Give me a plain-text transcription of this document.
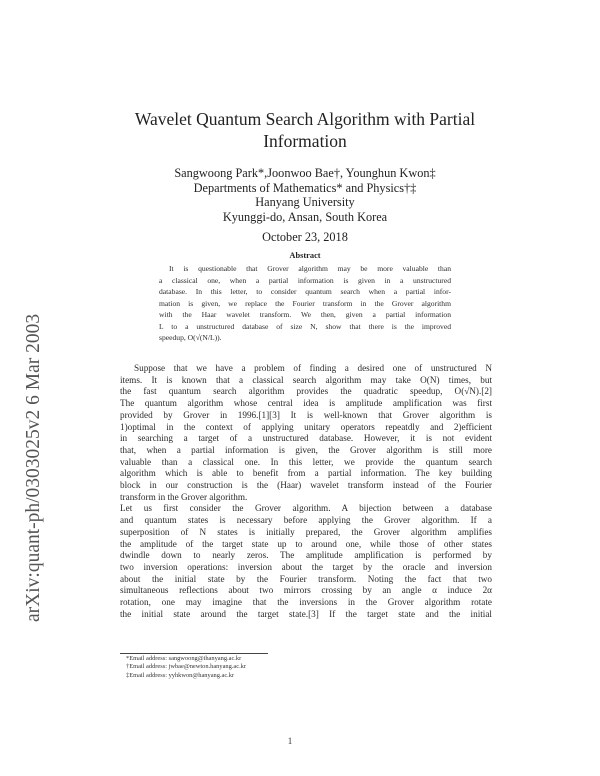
arXiv:quant-ph/0303025v2 6 Mar 2003
Wavelet Quantum Search Algorithm with Partial
Information
Sangwoong Park*,Joonwoo Bae†, Younghun Kwon‡
Departments of Mathematics* and Physics†‡
Hanyang University
Kyunggi-do, Ansan, South Korea
October 23, 2018
Abstract
It is questionable that Grover algorithm may be more valuable than
a classical one, when a partial information is given in a unstructured
database. In this letter, to consider quantum search when a partial infor-
mation is given, we replace the Fourier transform in the Grover algorithm
with the Haar wavelet transform. We then, given a partial information
L to a unstructured database of size N, show that there is the improved
speedup, O(√(N/L)).
Suppose that we have a problem of finding a desired one of unstructured N
items. It is known that a classical search algorithm may take O(N) times, but
the fast quantum search algorithm provides the quadratic speedup, O(√N).[2]
The quantum algorithm whose central idea is amplitude amplification was first
provided by Grover in 1996.[1][3] It is well-known that Grover algorithm is
1)optimal in the context of applying unitary operators repeatdly and 2)efficient
in searching a target of a unstructured database. However, it is not evident
that, when a partial information is given, the Grover algorithm is still more
valuable than a classical one. In this letter, we provide the quantum search
algorithm which is able to benefit from a partial information. The key building
block in our construction is the (Haar) wavelet transform instead of the Fourier
transform in the Grover algorithm.
Let us first consider the Grover algorithm. A bijection between a database
and quantum states is necessary before applying the Grover algorithm. If a
superposition of N states is initially prepared, the Grover algorithm amplifies
the amplitude of the target state up to around one, while those of other states
dwindle down to nearly zeros. The amplitude amplification is performed by
two inversion operations: inversion about the target by the oracle and inversion
about the initial state by the Fourier transform. Noting the fact that two
simultaneous reflections about two mirrors crossing by an angle α induce 2α
rotation, one may imagine that the inversions in the Grover algorithm rotate
the initial state around the target state.[3] If the target state and the initial
*Email address: sangwoong@ihanyang.ac.kr
†Email address: jwbae@newton.hanyang.ac.kr
‡Email address: yyhkwon@hanyang.ac.kr
1
